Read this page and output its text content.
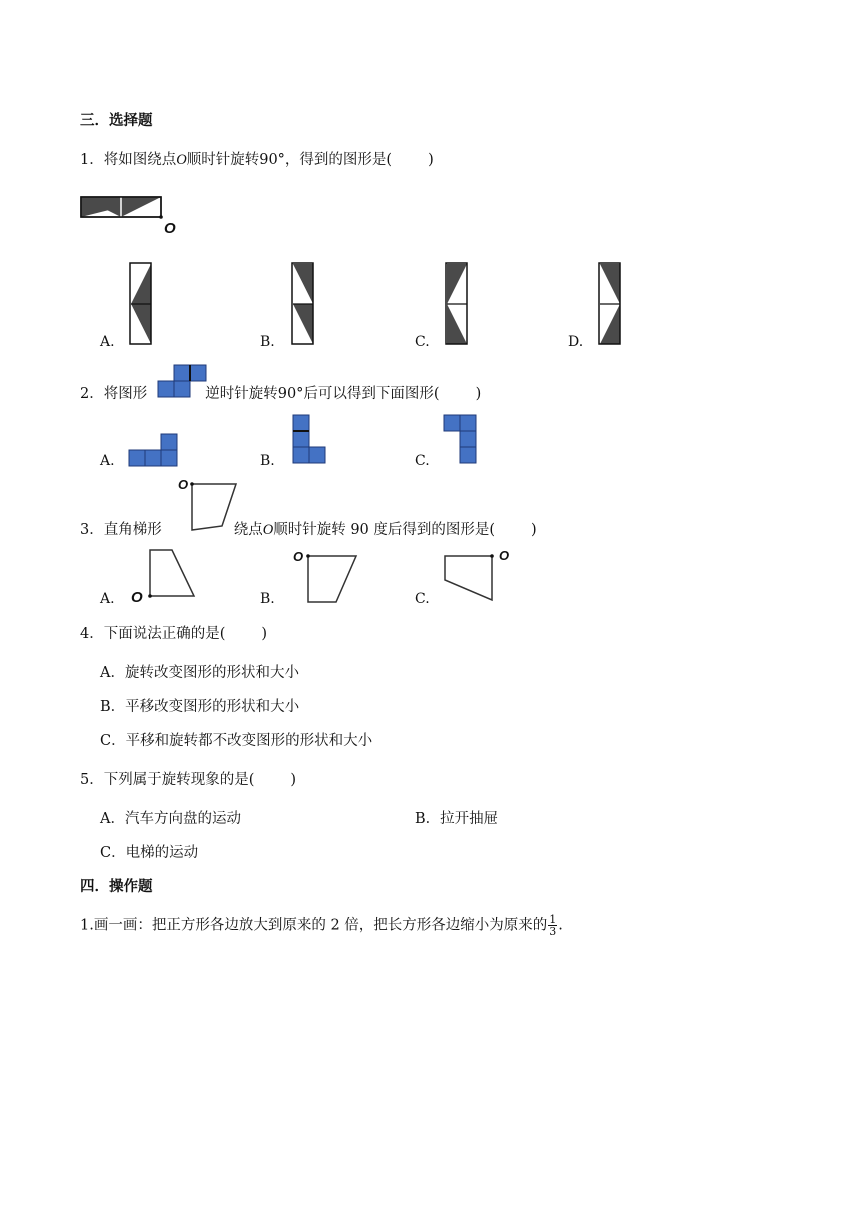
三．选择题
1．将如图绕点O顺时针旋转90°，得到的图形是( )
O
A.	B.	C.	D.
2．将图形	逆时针旋转90°后可以得到下面图形( )
A.	B.	C.
3．直角梯形	绕点O顺时针旋转 90 度后得到的图形是( )
O
A. O	B.
O
C.
O
4．下面说法正确的是( )
A．旋转改变图形的形状和大小
B．平移改变图形的形状和大小
C．平移和旋转都不改变图形的形状和大小
5．下列属于旋转现象的是( )
A．汽车方向盘的运动	B．拉开抽屉
C．电梯的运动
四．操作题
1.画一画：把正方形各边放大到原来的 2 倍，把长方形各边缩小为原来的 $\frac{1}{3}$ .
